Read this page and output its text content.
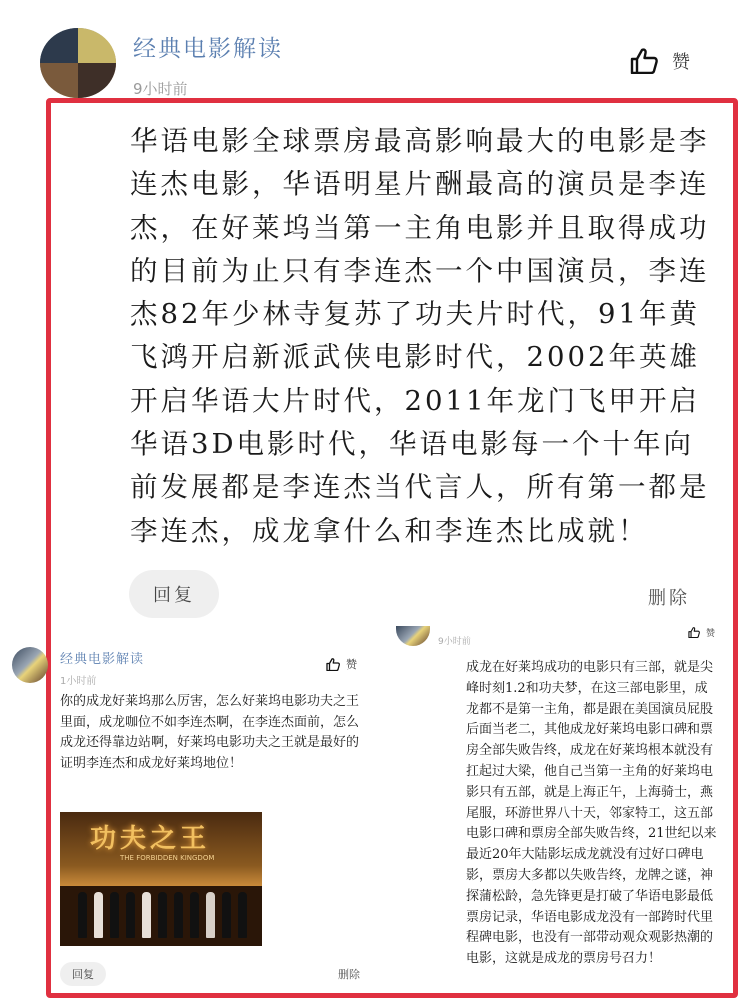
经典电影解读
9小时前
赞
华语电影全球票房最高影响最大的电影是李连杰电影，华语明星片酬最高的演员是李连杰，在好莱坞当第一主角电影并且取得成功的目前为止只有李连杰一个中国演员，李连杰82年少林寺复苏了功夫片时代，91年黄飞鸿开启新派武侠电影时代，2002年英雄开启华语大片时代，2011年龙门飞甲开启华语3D电影时代，华语电影每一个十年向前发展都是李连杰当代言人，所有第一都是李连杰，成龙拿什么和李连杰比成就！
回复	删除
经典电影解读
1小时前
赞
你的成龙好莱坞那么厉害，怎么好莱坞电影功夫之王里面，成龙咖位不如李连杰啊，在李连杰面前，怎么成龙还得靠边站啊，好莱坞电影功夫之王就是最好的证明李连杰和成龙好莱坞地位！
功夫之王
THE FORBIDDEN KINGDOM
回复	删除
9小时前
赞
成龙在好莱坞成功的电影只有三部，就是尖峰时刻1.2和功夫梦，在这三部电影里，成龙都不是第一主角，都是跟在美国演员屁股后面当老二，其他成龙好莱坞电影口碑和票房全部失败告终，成龙在好莱坞根本就没有扛起过大梁，他自己当第一主角的好莱坞电影只有五部，就是上海正午，上海骑士，燕尾服，环游世界八十天，邻家特工，这五部电影口碑和票房全部失败告终，21世纪以来最近20年大陆影坛成龙就没有过好口碑电影，票房大多都以失败告终，龙牌之谜，神探蒲松龄，急先锋更是打破了华语电影最低票房记录，华语电影成龙没有一部跨时代里程碑电影，也没有一部带动观众观影热潮的电影，这就是成龙的票房号召力！
